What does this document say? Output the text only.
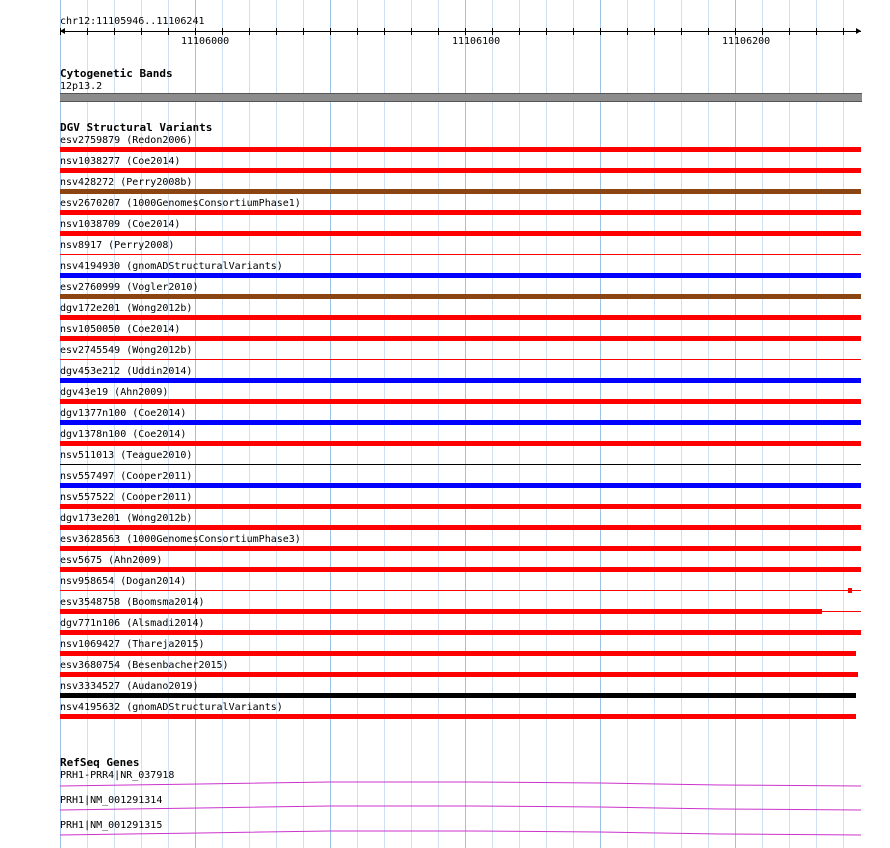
chr12:11105946..11106241
11106000	11106100	11106200
Cytogenetic Bands
12p13.2
DGV Structural Variants
esv2759879 (Redon2006)
nsv1038277 (Coe2014)
nsv428272 (Perry2008b)
esv2670207 (1000GenomesConsortiumPhase1)
nsv1038709 (Coe2014)
nsv8917 (Perry2008)
nsv4194930 (gnomADStructuralVariants)
esv2760999 (Vogler2010)
dgv172e201 (Wong2012b)
nsv1050050 (Coe2014)
esv2745549 (Wong2012b)
dgv453e212 (Uddin2014)
dgv43e19 (Ahn2009)
dgv1377n100 (Coe2014)
dgv1378n100 (Coe2014)
nsv511013 (Teague2010)
nsv557497 (Cooper2011)
nsv557522 (Cooper2011)
dgv173e201 (Wong2012b)
esv3628563 (1000GenomesConsortiumPhase3)
esv5675 (Ahn2009)
nsv958654 (Dogan2014)
esv3548758 (Boomsma2014)
dgv771n106 (Alsmadi2014)
nsv1069427 (Thareja2015)
esv3680754 (Besenbacher2015)
nsv3334527 (Audano2019)
nsv4195632 (gnomADStructuralVariants)
RefSeq Genes
PRH1-PRR4|NR_037918
PRH1|NM_001291314
PRH1|NM_001291315
